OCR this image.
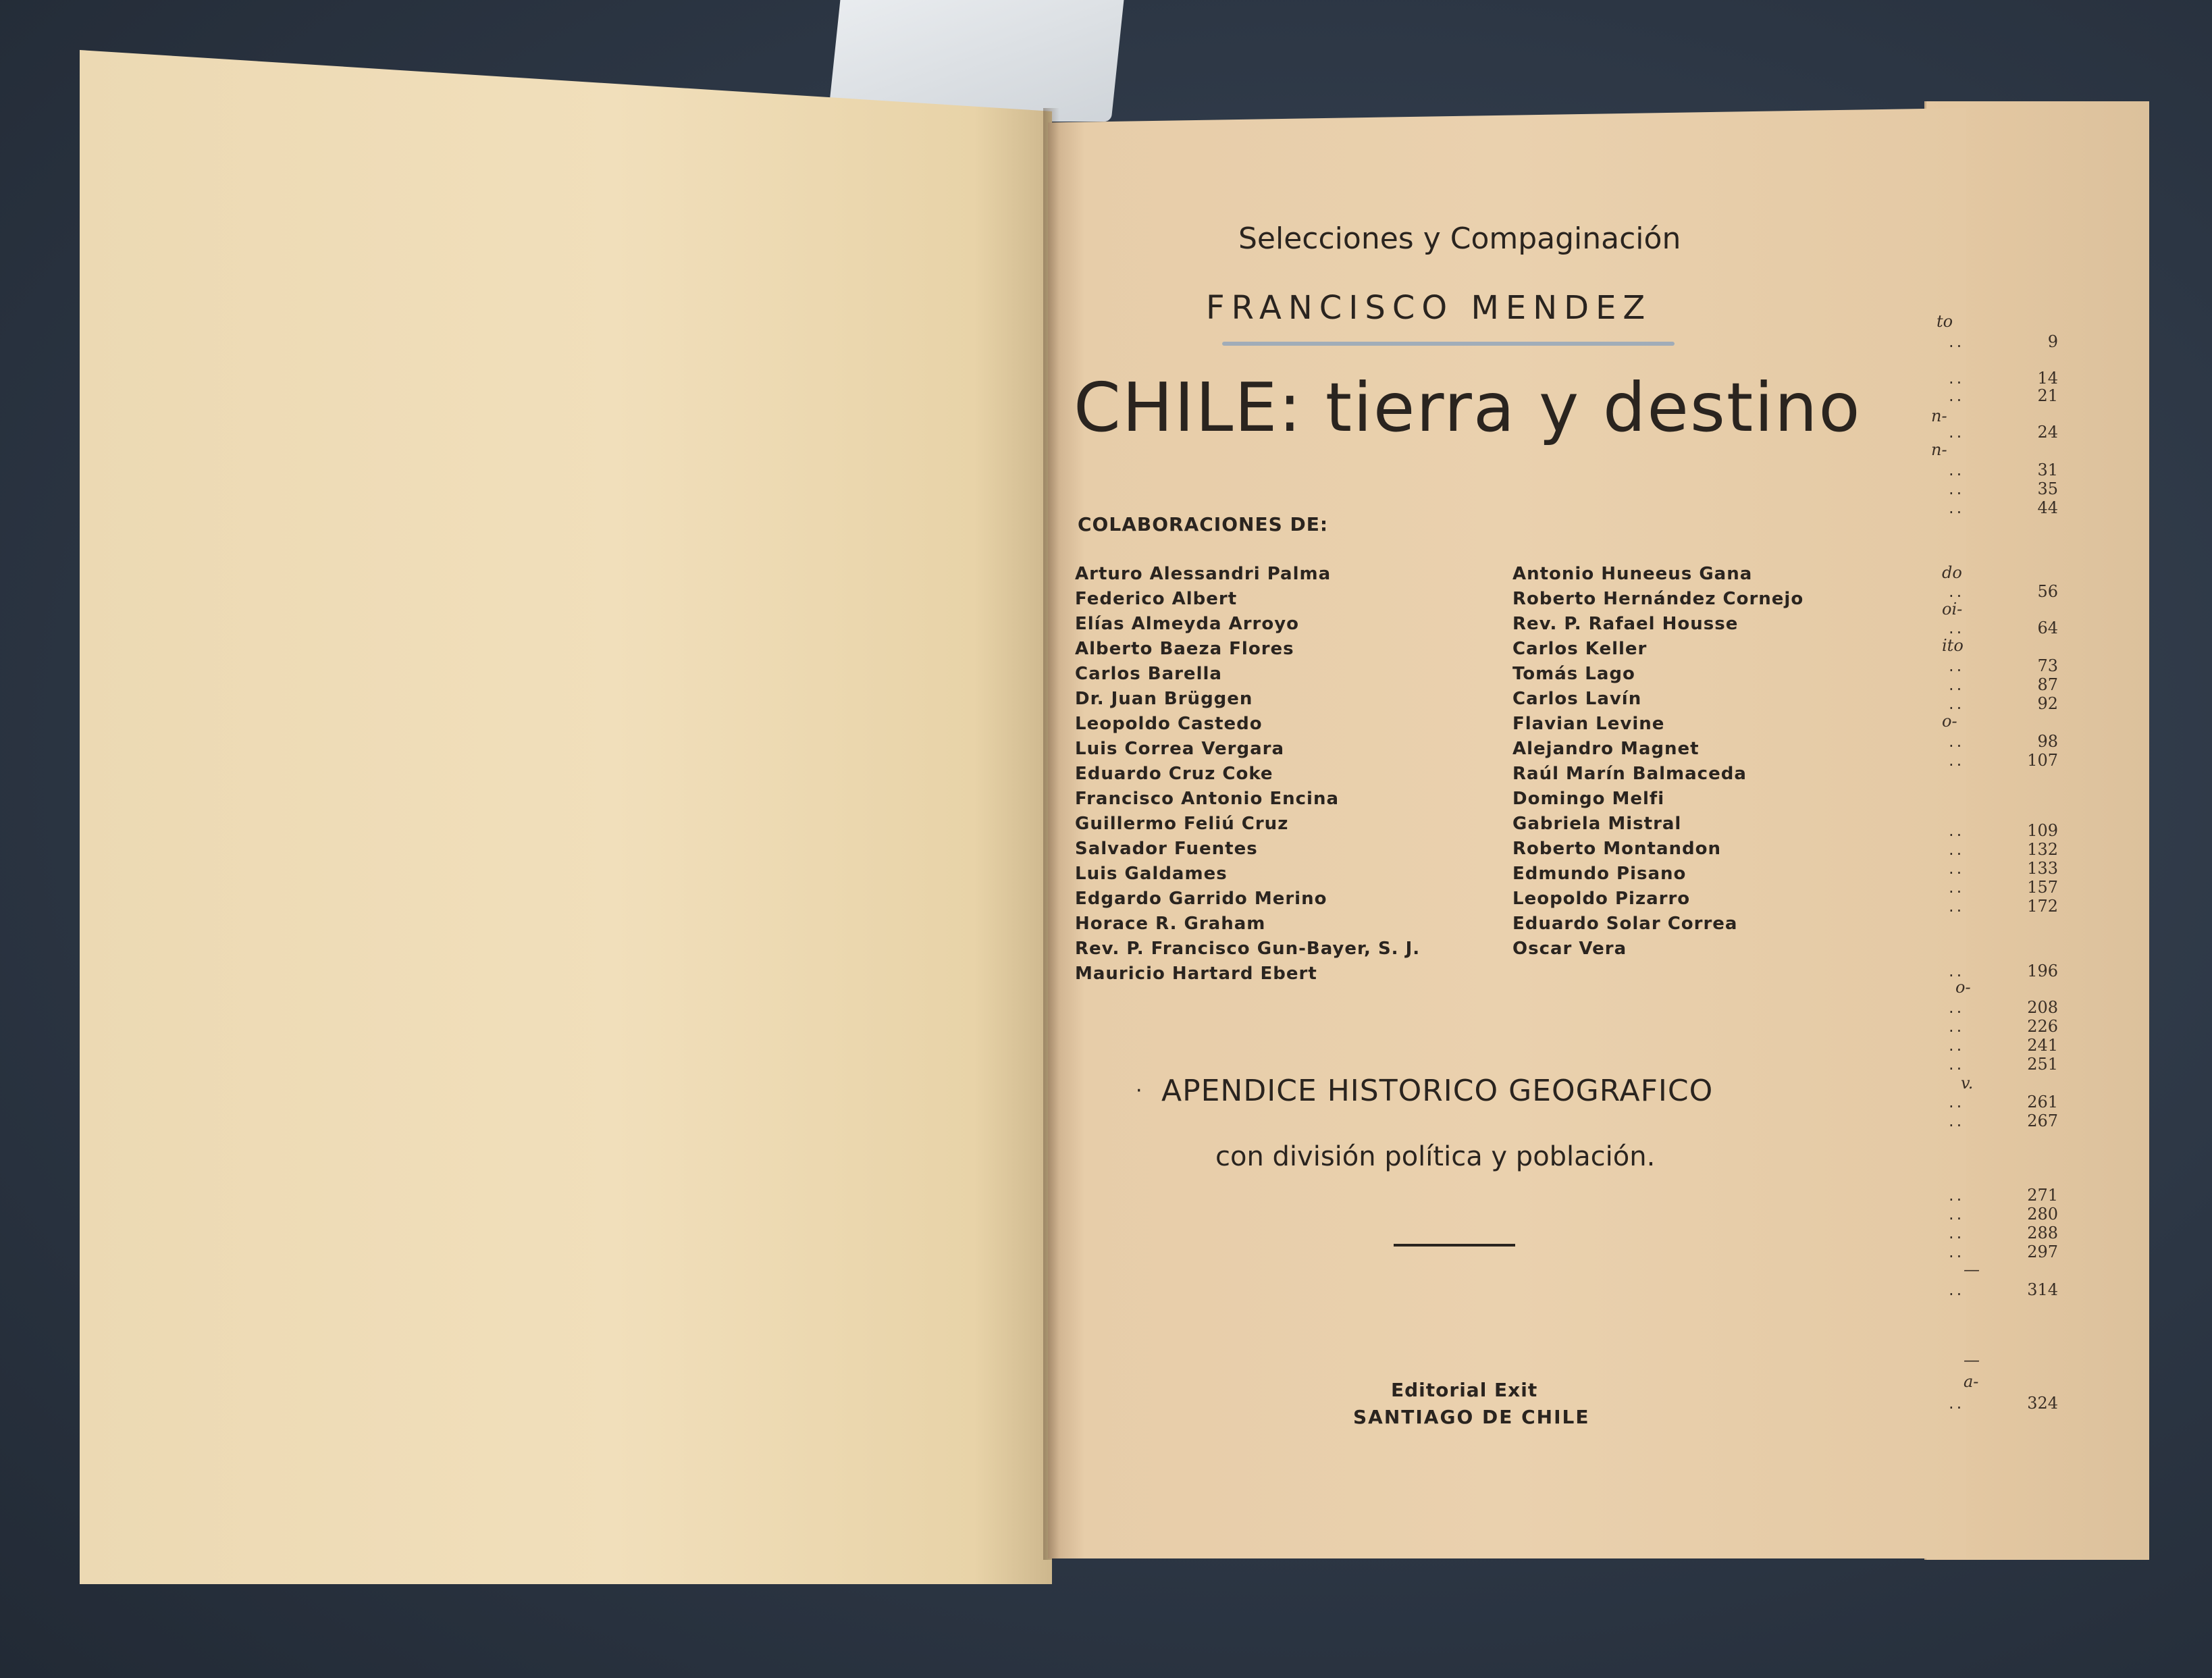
9
..
14
..
21
..
24
..
31
..
35
..
44
..
56
..
64
..
73
..
87
..
92
..
98
..
107
..
109
..
132
..
133
..
157
..
172
..
196
..
208
..
226
..
241
..
251
..
261
..
267
..
271
..
280
..
288
..
297
..
314
..
324
..
to
n-
n-
do
oi-
ito
o-
o-
v.
—
—
a-
Selecciones y Compaginación
FRANCISCO MENDEZ
CHILE: tierra y destino
COLABORACIONES DE:
Arturo Alessandri Palma
Federico Albert
Elías Almeyda Arroyo
Alberto Baeza Flores
Carlos Barella
Dr. Juan Brüggen
Leopoldo Castedo
Luis Correa Vergara
Eduardo Cruz Coke
Francisco Antonio Encina
Guillermo Feliú Cruz
Salvador Fuentes
Luis Galdames
Edgardo Garrido Merino
Horace R. Graham
Rev. P. Francisco Gun-Bayer, S. J.
Mauricio Hartard Ebert
Antonio Huneeus Gana
Roberto Hernández Cornejo
Rev. P. Rafael Housse
Carlos Keller
Tomás Lago
Carlos Lavín
Flavian Levine
Alejandro Magnet
Raúl Marín Balmaceda
Domingo Melfi
Gabriela Mistral
Roberto Montandon
Edmundo Pisano
Leopoldo Pizarro
Eduardo Solar Correa
Oscar Vera
· APENDICE HISTORICO GEOGRAFICO
con división política y población.
Editorial Exit
SANTIAGO DE CHILE
